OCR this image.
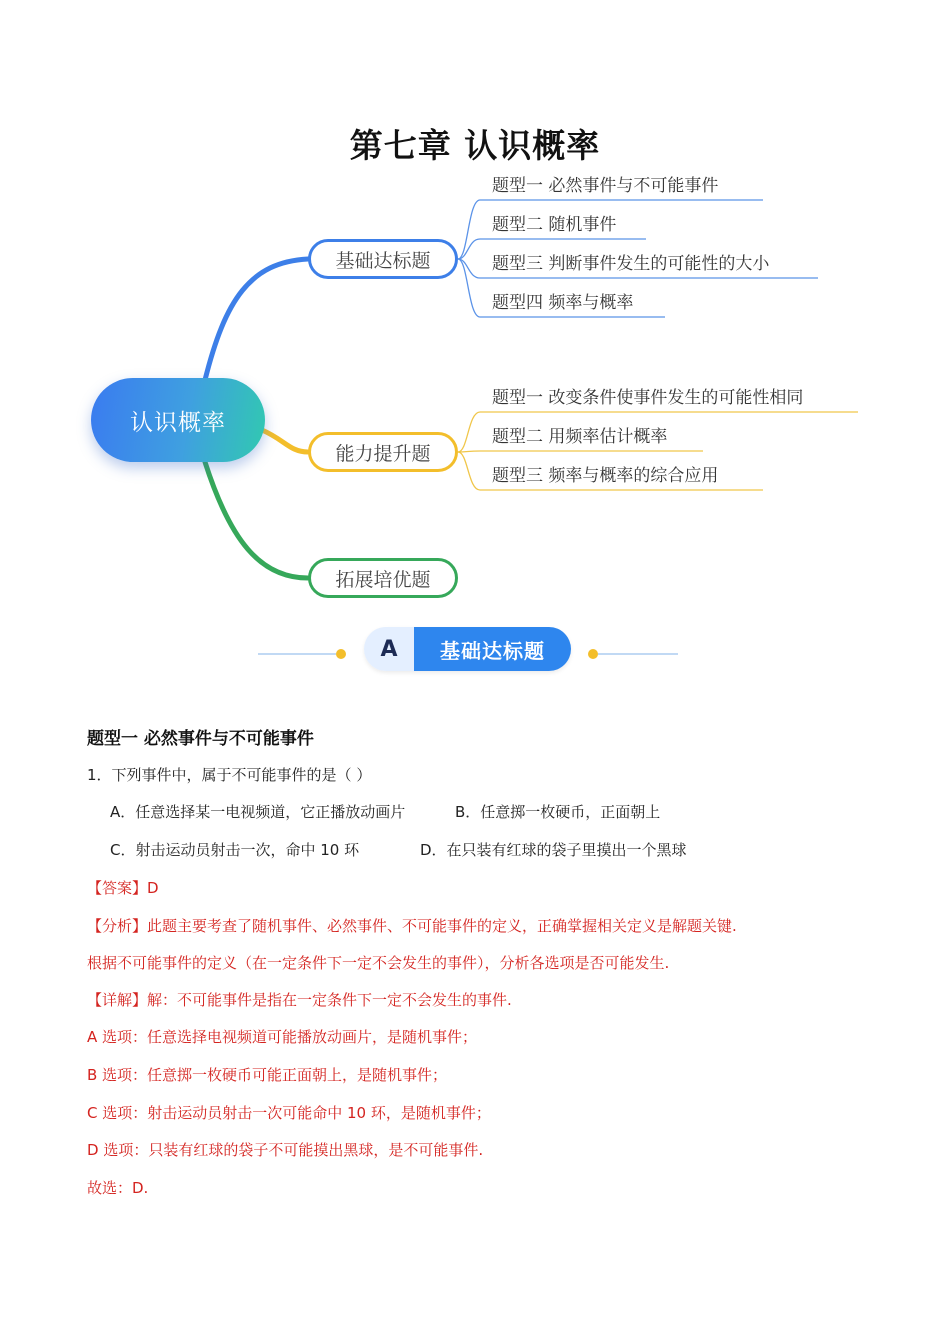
第七章 认识概率
认识概率
基础达标题
能力提升题
拓展培优题
题型一 必然事件与不可能事件
题型二 随机事件
题型三 判断事件发生的可能性的大小
题型四 频率与概率
题型一 改变条件使事件发生的可能性相同
题型二 用频率估计概率
题型三 频率与概率的综合应用
A	基础达标题
题型一 必然事件与不可能事件
1．下列事件中，属于不可能事件的是（ ）
A．任意选择某一电视频道，它正播放动画片	B．任意掷一枚硬币，正面朝上
C．射击运动员射击一次，命中 10 环	D．在只装有红球的袋子里摸出一个黑球
【答案】D
【分析】此题主要考查了随机事件、必然事件、不可能事件的定义，正确掌握相关定义是解题关键.
根据不可能事件的定义（在一定条件下一定不会发生的事件），分析各选项是否可能发生.
【详解】解：不可能事件是指在一定条件下一定不会发生的事件.
A 选项：任意选择电视频道可能播放动画片，是随机事件；
B 选项：任意掷一枚硬币可能正面朝上，是随机事件；
C 选项：射击运动员射击一次可能命中 10 环，是随机事件；
D 选项：只装有红球的袋子不可能摸出黑球，是不可能事件.
故选：D.
